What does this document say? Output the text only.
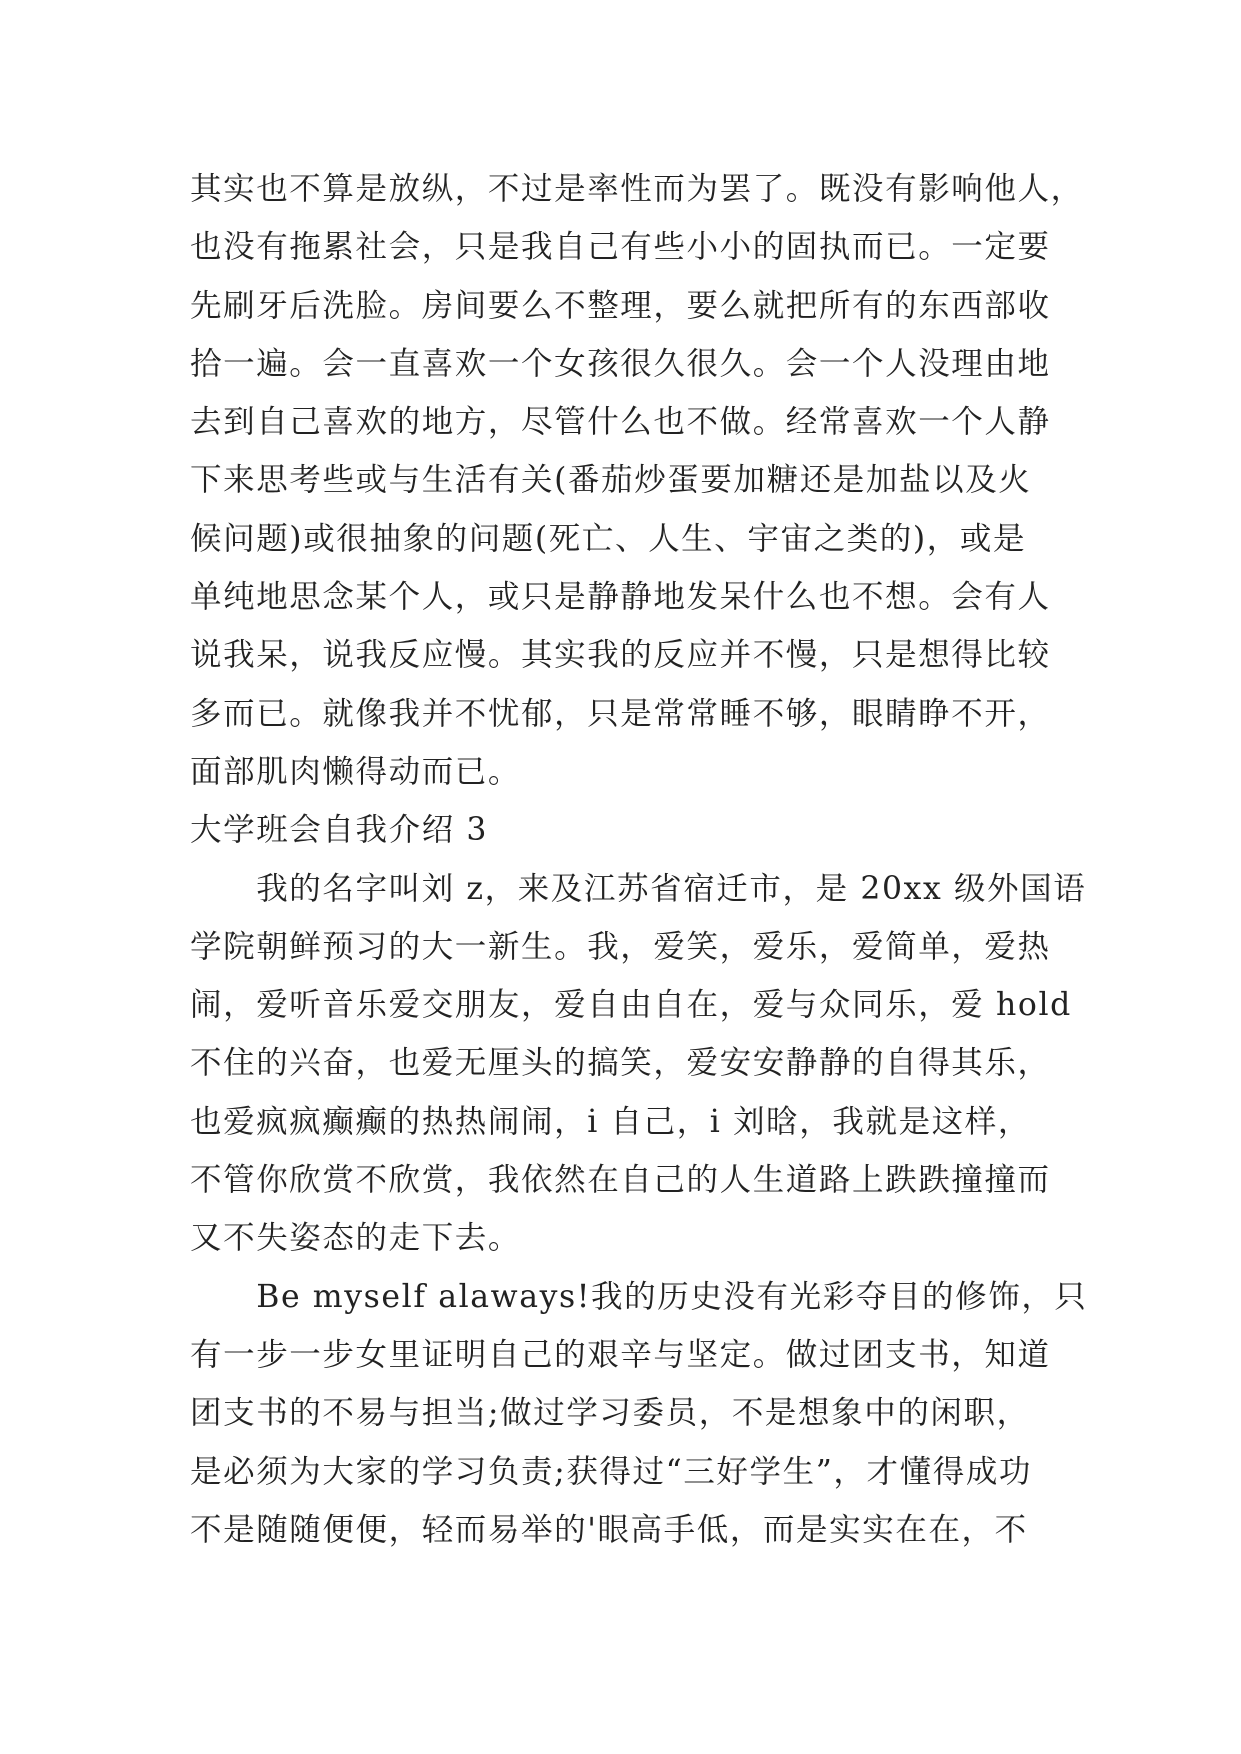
其实也不算是放纵，不过是率性而为罢了。既没有影响他人，
也没有拖累社会，只是我自己有些小小的固执而已。一定要
先刷牙后洗脸。房间要么不整理，要么就把所有的东西部收
拾一遍。会一直喜欢一个女孩很久很久。会一个人没理由地
去到自己喜欢的地方，尽管什么也不做。经常喜欢一个人静
下来思考些或与生活有关(番茄炒蛋要加糖还是加盐以及火
候问题)或很抽象的问题(死亡、人生、宇宙之类的)，或是
单纯地思念某个人，或只是静静地发呆什么也不想。会有人
说我呆，说我反应慢。其实我的反应并不慢，只是想得比较
多而已。就像我并不忧郁，只是常常睡不够，眼睛睁不开，
面部肌肉懒得动而已。
大学班会自我介绍 3
　　我的名字叫刘 z，来及江苏省宿迁市，是 20xx 级外国语
学院朝鲜预习的大一新生。我，爱笑，爱乐，爱简单，爱热
闹，爱听音乐爱交朋友，爱自由自在，爱与众同乐，爱 hold
不住的兴奋，也爱无厘头的搞笑，爱安安静静的自得其乐，
也爱疯疯癫癫的热热闹闹，i 自己，i 刘晗，我就是这样，
不管你欣赏不欣赏，我依然在自己的人生道路上跌跌撞撞而
又不失姿态的走下去。
　　Be myself alaways!我的历史没有光彩夺目的修饰，只
有一步一步女里证明自己的艰辛与坚定。做过团支书，知道
团支书的不易与担当;做过学习委员，不是想象中的闲职，
是必须为大家的学习负责;获得过“三好学生”，才懂得成功
不是随随便便，轻而易举的'眼高手低，而是实实在在，不
